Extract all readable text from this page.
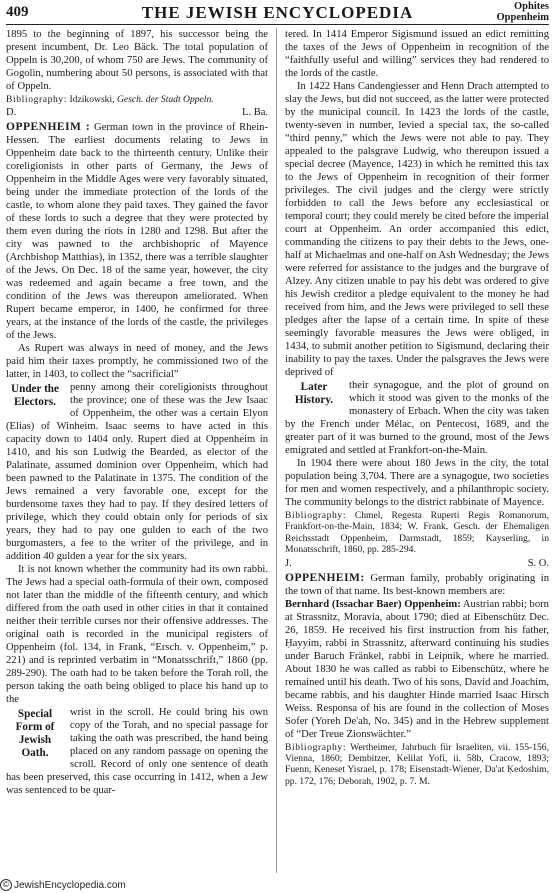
409	THE JEWISH ENCYCLOPEDIA	Ophites
Oppenheim

1895 to the beginning of 1897, his successor being the present incumbent, Dr. Leo Bäck. The total population of Oppeln is 30,200, of whom 750 are Jews. The community of Gogolin, numbering about 50 persons, is associated with that of Oppeln.

Bibliography: Idzikowski, Gesch. der Stadt Oppeln.
D.	L. Ba.

OPPENHEIM : German town in the province of Rhein-Hessen. The earliest documents relating to Jews in Oppenheim date back to the thirteenth century. Unlike their coreligionists in other parts of Germany, the Jews of Oppenheim in the Middle Ages were very favorably situated, being under the immediate protection of the lords of the castle, to whom alone they paid taxes. They gained the favor of these lords to such a degree that they were protected by them even during the riots in 1280 and 1298. But after the city was pawned to the archbishopric of Mayence (Archbishop Matthias), in 1352, there was a terrible slaughter of the Jews. On Dec. 18 of the same year, however, the city was redeemed and again became a free town, and the condition of the Jews was thereupon ameliorated. When Rupert became emperor, in 1400, he confirmed for three years, at the instance of the lords of the castle, the privileges of the Jews.

As Rupert was always in need of money, and the Jews paid him their taxes promptly, he commissioned two of the latter, in 1403, to collect the “sacrificial”

Under the Electors.

penny among their coreligionists throughout the province; one of these was the Jew Isaac of Oppenheim, the other was a certain Elyon (Elias) of Winheim. Isaac seems to have acted in this capacity down to 1404 only. Rupert died at Oppenheim in 1410, and his son Ludwig the Bearded, as elector of the Palatinate, assumed dominion over Oppenheim, which had been pawned to the Palatinate in 1375. The condition of the Jews remained a very favorable one, except for the burdensome taxes they had to pay. If they desired letters of privilege, which they could obtain only for periods of six years, they had to pay one gulden to each of the two burgomasters, a fee to the writer of the privilege, and in addition 40 gulden a year for the six years.

It is not known whether the community had its own rabbi. The Jews had a special oath-formula of their own, composed not later than the middle of the fifteenth century, and which differed from the oath used in other cities in that it contained neither their terrible curses nor their offensive addresses. The original oath is recorded in the municipal registers of Oppenheim (fol. 134, in Frank, “Ersch. v. Oppenheim,” p. 221) and is reprinted verbatim in “Monatsschrift,” 1860 (pp. 289-290). The oath had to be taken before the Torah roll, the person taking the oath being obliged to place his hand up to the

Special Form of Jewish Oath.

wrist in the scroll. He could bring his own copy of the Torah, and no special passage for taking the oath was prescribed, the hand being placed on any random passage on opening the scroll. Record of only one sentence of death has been preserved, this case occurring in 1412, when a Jew was sentenced to be quar-

tered. In 1414 Emperor Sigismund issued an edict remitting the taxes of the Jews of Oppenheim in recognition of the “faithfully useful and willing” services they had rendered to the lords of the castle.

In 1422 Hans Candengiesser and Henn Drach attempted to slay the Jews, but did not succeed, as the latter were protected by the municipal council. In 1423 the lords of the castle, twenty-seven in number, levied a special tax, the so-called “third penny,” which the Jews were not able to pay. They appealed to the palsgrave Ludwig, who thereupon issued a special decree (Mayence, 1423) in which he remitted this tax to the Jews of Oppenheim in recognition of their former privileges. The civil judges and the clergy were strictly forbidden to call the Jews before any ecclesiastical or temporal court; they could merely be cited before the imperial court at Oppenheim. An order accompanied this edict, commanding the citizens to pay their debts to the Jews, one-half at Michaelmas and one-half on Ash Wednesday; the Jews were referred for assistance to the judges and the burgrave of Alzey. Any citizen unable to pay his debt was ordered to give his Jewish creditor a pledge equivalent to the money he had received from him, and the Jews were privileged to sell these pledges after the lapse of a certain time. In spite of these seemingly favorable measures the Jews were obliged, in 1434, to submit another petition to Sigismund, declaring their inability to pay the taxes. Under the palsgraves the Jews were deprived of

Later History.

their synagogue, and the plot of ground on which it stood was given to the monks of the monastery of Erbach. When the city was taken by the French under Mélac, on Pentecost, 1689, and the greater part of it was burned to the ground, most of the Jews emigrated and settled at Frankfort-on-the-Main.

In 1904 there were about 180 Jews in the city, the total population being 3,704. There are a synagogue, two societies for men and women respectively, and a philanthropic society. The community belongs to the district rabbinate of Mayence.

Bibliography: Chmel, Regesta Ruperti Regis Romanorum, Frankfort-on-the-Main, 1834; W. Frank, Gesch. der Ehemaligen Reichsstadt Oppenheim, Darmstadt, 1859; Kayserling, in Monatsschrift, 1860, pp. 285-294.
J.	S. O.

OPPENHEIM: German family, probably originating in the town of that name. Its best-known members are:

Bernhard (Issachar Baer) Oppenheim: Austrian rabbi; born at Strassnitz, Moravia, about 1790; died at Eibenschütz Dec. 26, 1859. He received his first instruction from his father, Ḥayyim, rabbi in Strassnitz, afterward continuing his studies under Baruch Fränkel, rabbi in Leipnik, where he married. About 1830 he was called as rabbi to Eibenschütz, where he remained until his death. Two of his sons, David and Joachim, became rabbis, and his daughter Hinde married Isaac Hirsch Weiss. Responsa of his are found in the collection of Moses Sofer (Yoreh De'ah, No. 345) and in the Hebrew supplement of “Der Treue Zionswächter.”

Bibliography: Wertheimer, Jahrbuch für Israeliten, vii. 155-156, Vienna, 1860; Dembitzer, Kelilat Yofi, ii. 58b, Cracow, 1893; Fuenn, Keneset Yisrael, p. 178; Eisenstadt-Wiener, Da'at Ḳedoshim, pp. 172, 176; Deborah, 1902, p. 7. M.
© JewishEncyclopedia.com
